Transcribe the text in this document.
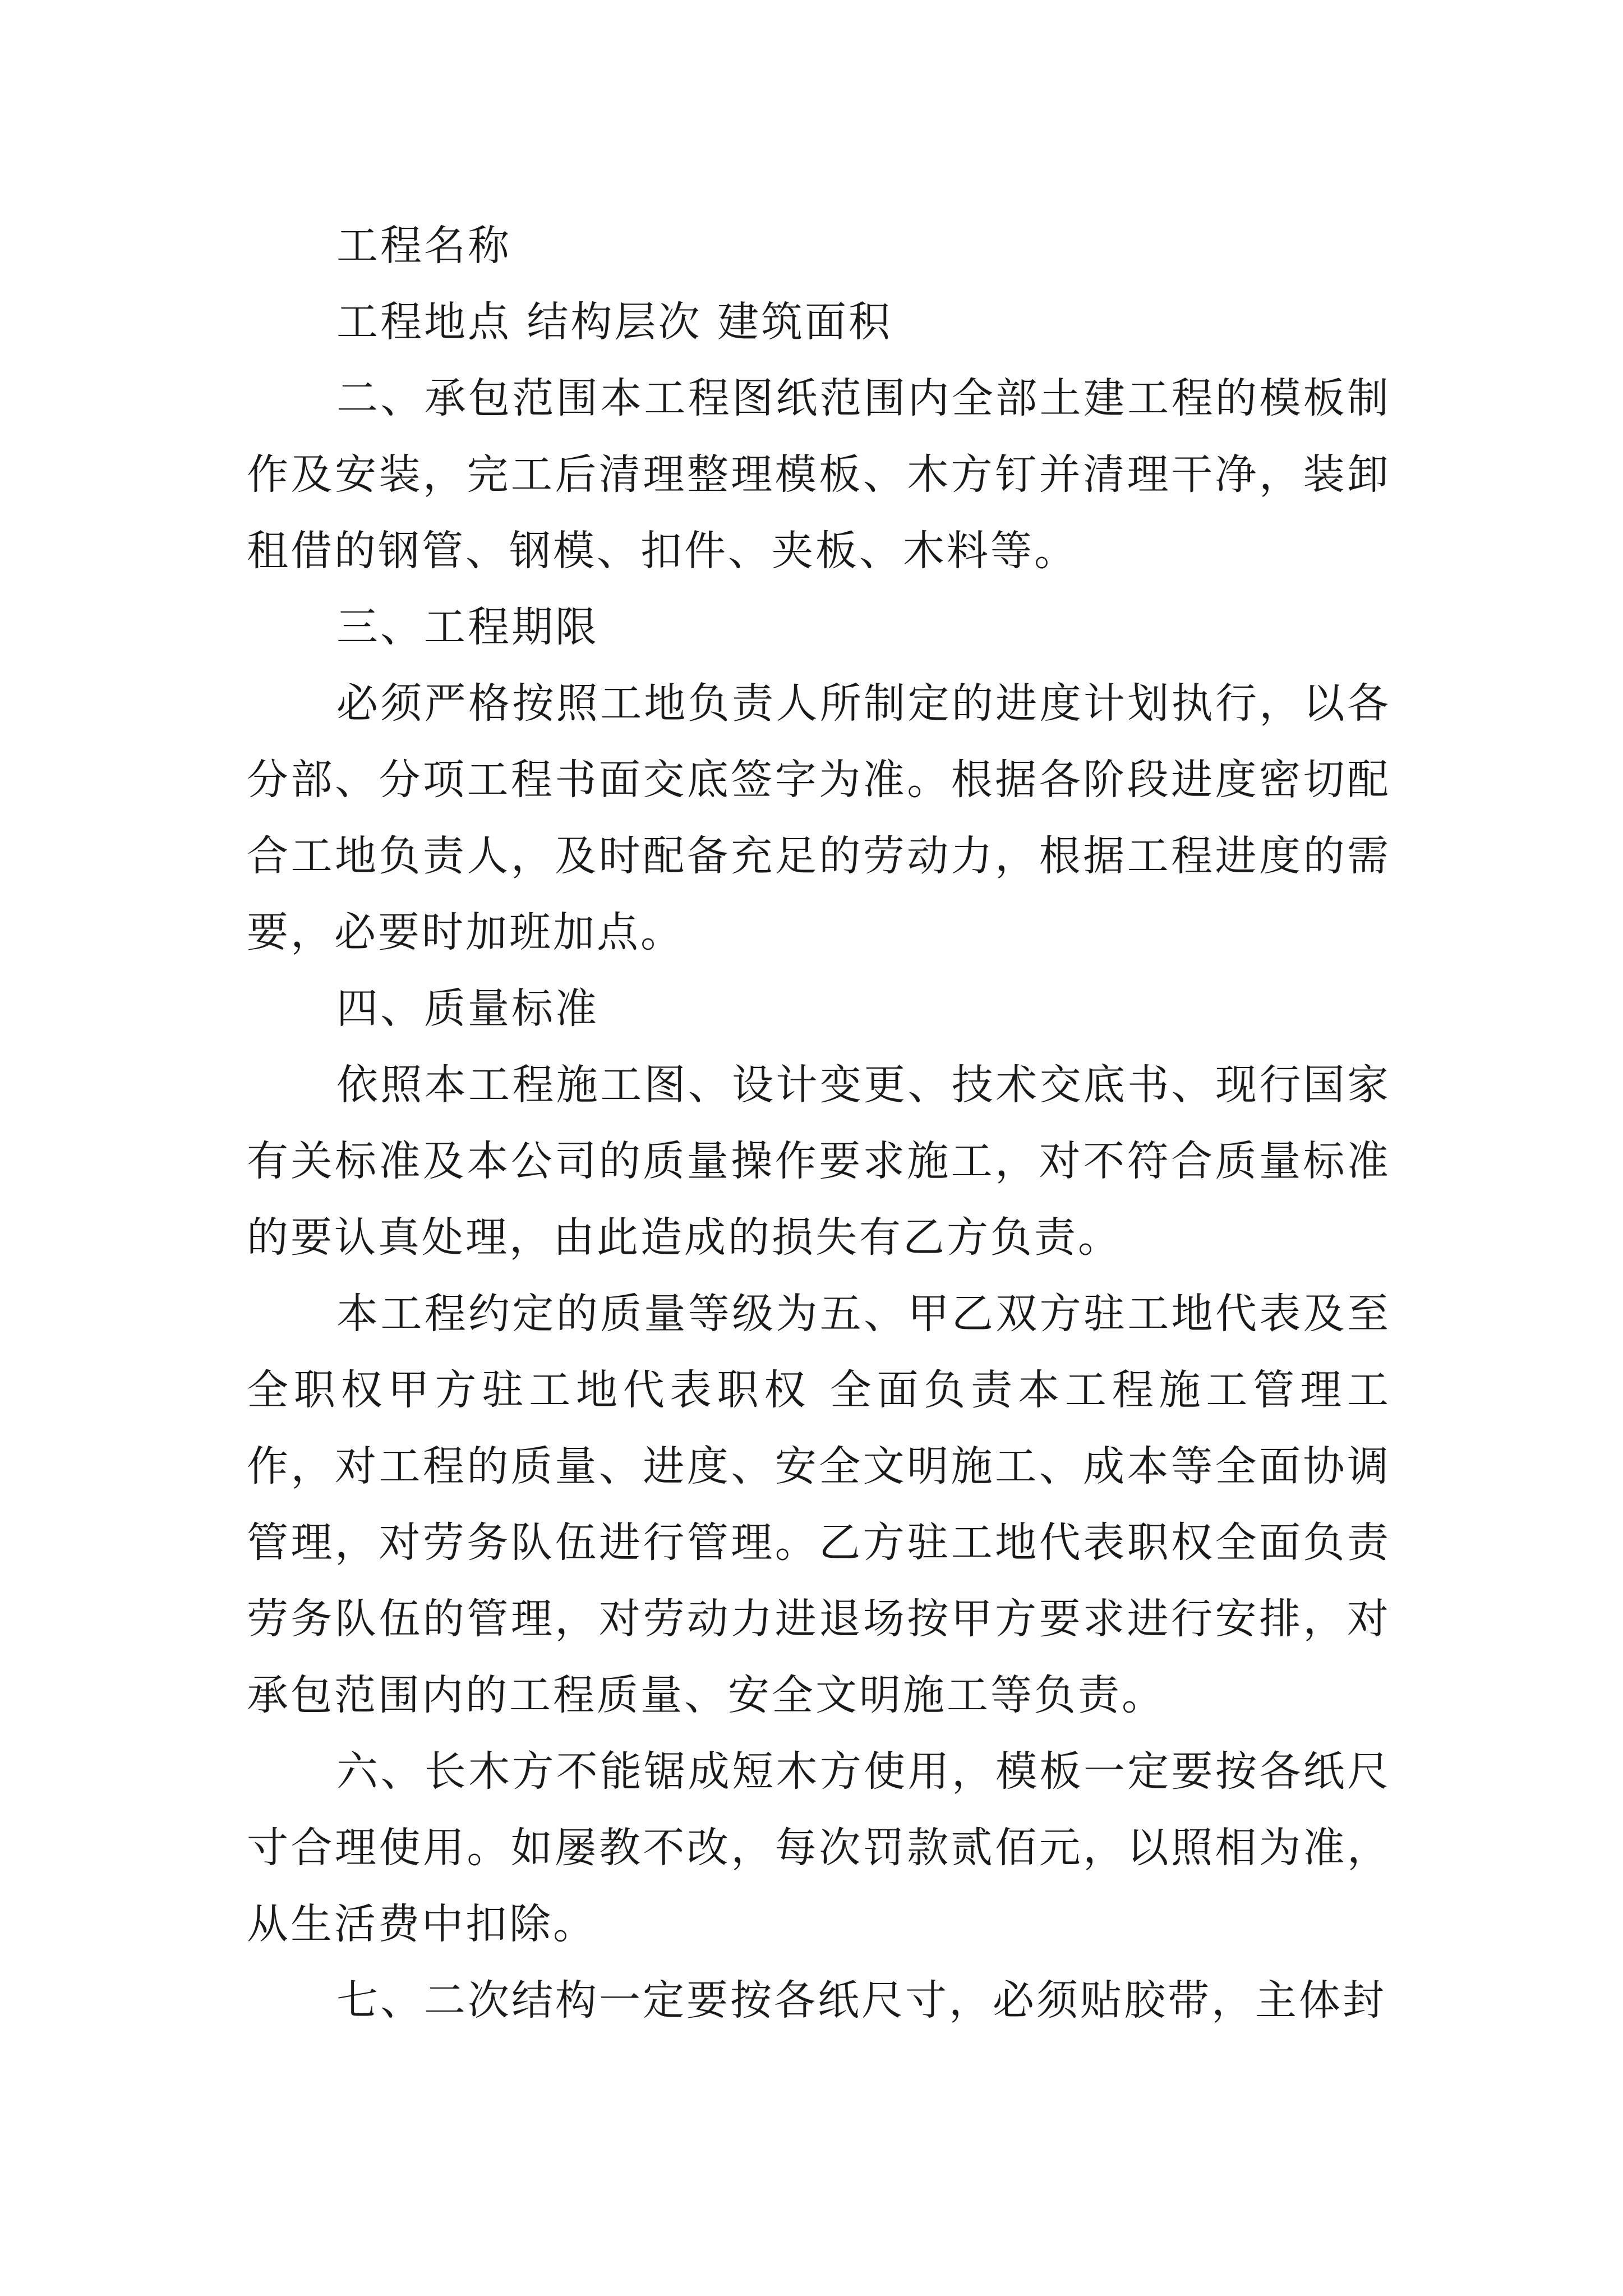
工程名称

工程地点 结构层次 建筑面积

二、承包范围本工程图纸范围内全部土建工程的模板制作及安装，完工后清理整理模板、木方钉并清理干净，装卸租借的钢管、钢模、扣件、夹板、木料等。

三、工程期限

必须严格按照工地负责人所制定的进度计划执行，以各分部、分项工程书面交底签字为准。根据各阶段进度密切配合工地负责人，及时配备充足的劳动力，根据工程进度的需要，必要时加班加点。

四、质量标准

依照本工程施工图、设计变更、技术交底书、现行国家有关标准及本公司的质量操作要求施工，对不符合质量标准的要认真处理，由此造成的损失有乙方负责。

本工程约定的质量等级为五、甲乙双方驻工地代表及至全职权甲方驻工地代表职权 全面负责本工程施工管理工作，对工程的质量、进度、安全文明施工、成本等全面协调管理，对劳务队伍进行管理。乙方驻工地代表职权全面负责劳务队伍的管理，对劳动力进退场按甲方要求进行安排，对承包范围内的工程质量、安全文明施工等负责。

六、长木方不能锯成短木方使用，模板一定要按各纸尺寸合理使用。如屡教不改，每次罚款贰佰元，以照相为准，从生活费中扣除。

七、二次结构一定要按各纸尺寸，必须贴胶带，主体封
